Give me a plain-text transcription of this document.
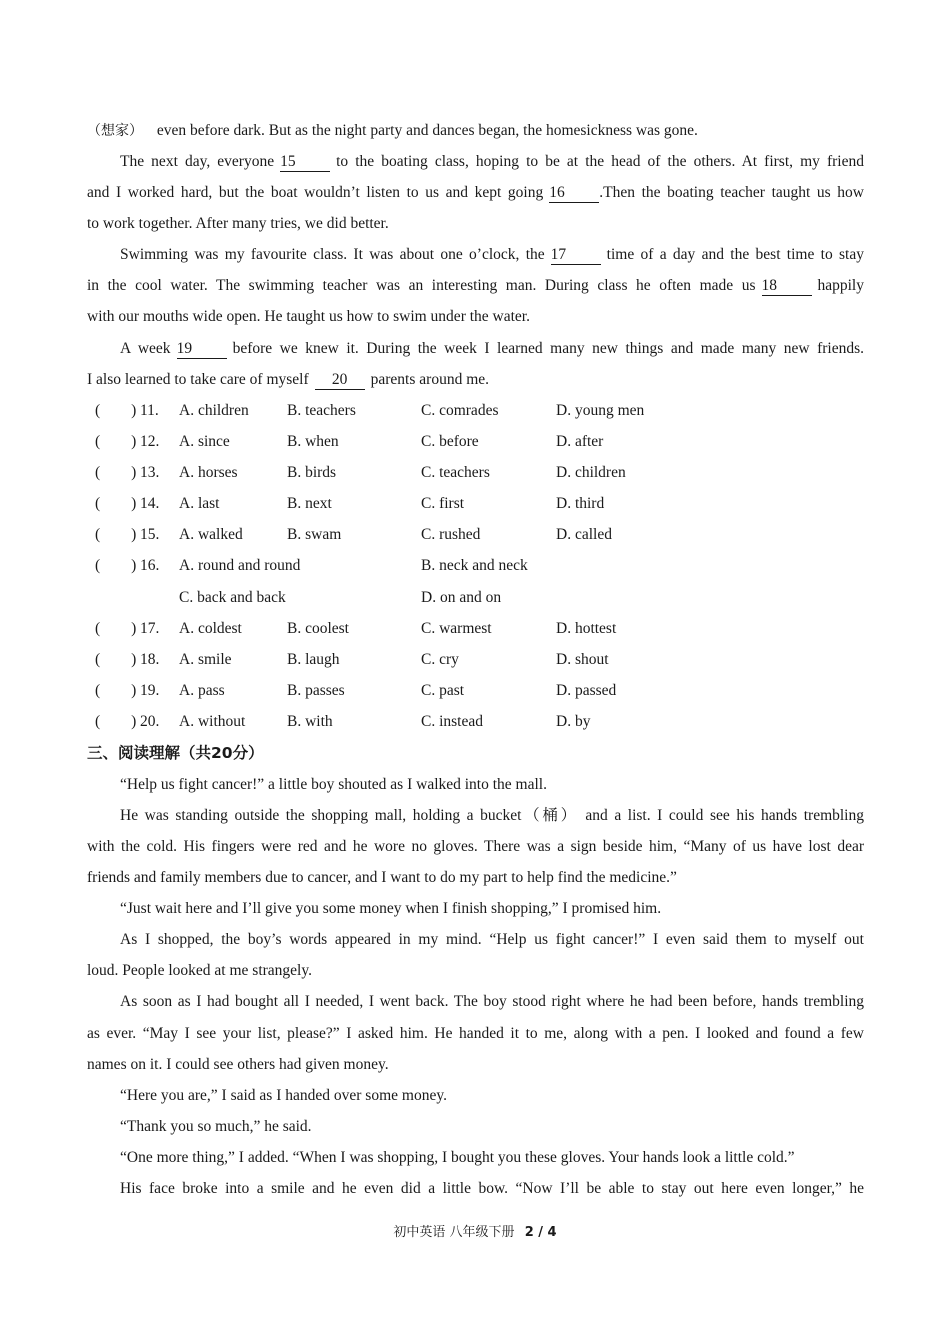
（想家） even before dark. But as the night party and dances began, the homesickness was gone.
The next day, everyone 15	to the boating class, hoping to be at the head of the others. At first, my friend
and I worked hard, but the boat wouldn’t listen to us and kept going 16 .Then the boating teacher taught us how
to work together. After many tries, we did better.
Swimming was my favourite class. It was about one o’clock, the 17	time of a day and the best time to stay
in the cool water. The swimming teacher was an interesting man. During class he often made us 18	happily
with our mouths wide open. He taught us how to swim under the water.
A week 19	before we knew it. During the week I learned many new things and made many new friends.
I also learned to take care of myself 20 parents around me.
(　　) 11. A. children B. teachers	C. comrades	D. young men
(　　) 12. A. since	B. when	C. before	D. after
(　　) 13. A. horses	B. birds	C. teachers	D. children
(　　) 14. A. last	B. next	C. first	D. third
(　　) 15. A. walked	B. swam	C. rushed	D. called
(　　) 16. A. round and round	B. neck and neck
C. back and back	D. on and on
(　　) 17. A. coldest	B. coolest	C. warmest	D. hottest
(　　) 18. A. smile	B. laugh	C. cry	D. shout
(　　) 19. A. pass	B. passes	C. past	D. passed
(　　) 20. A. without	B. with	C. instead	D. by
三、阅读理解（共20分）
“Help us fight cancer!” a little boy shouted as I walked into the mall.
He was standing outside the shopping mall, holding a bucket（桶） and a list. I could see his hands trembling
with the cold. His fingers were red and he wore no gloves. There was a sign beside him, “Many of us have lost dear
friends and family members due to cancer, and I want to do my part to help find the medicine.”
“Just wait here and I’ll give you some money when I finish shopping,” I promised him.
As I shopped, the boy’s words appeared in my mind. “Help us fight cancer!” I even said them to myself out
loud. People looked at me strangely.
As soon as I had bought all I needed, I went back. The boy stood right where he had been before, hands trembling
as ever. “May I see your list, please?” I asked him. He handed it to me, along with a pen. I looked and found a few
names on it. I could see others had given money.
“Here you are,” I said as I handed over some money.
“Thank you so much,” he said.
“One more thing,” I added. “When I was shopping, I bought you these gloves. Your hands look a little cold.”
His face broke into a smile and he even did a little bow. “Now I’ll be able to stay out here even longer,” he
初中英语 八年级下册 2 / 4
